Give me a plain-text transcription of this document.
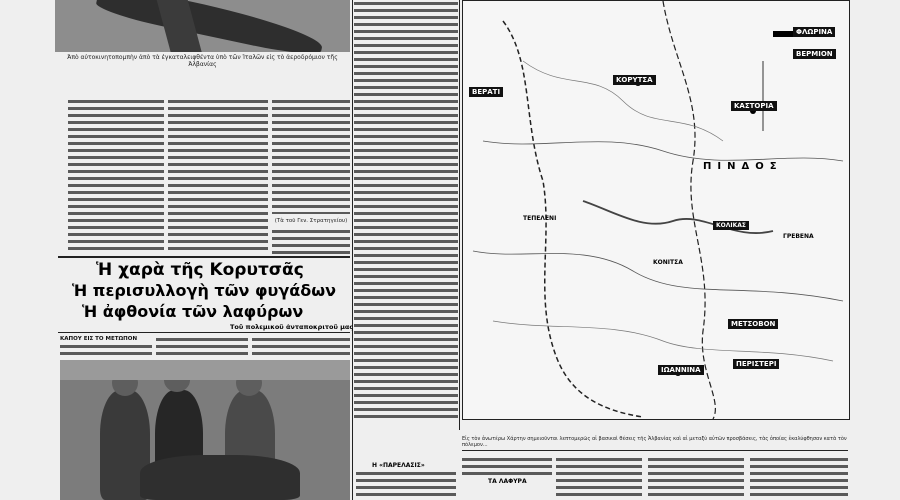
Ἀπὸ αὐτοκινητοπομπὴν ἀπὸ τὰ ἐγκαταλειφθέντα ὑπὸ τῶν Ἰταλῶν εἰς τὸ ἀεροδρόμιον τῆς Ἀλβανίας
(Τὰ τοῦ Γεν. Στρατηγείου)
Ἡ χαρὰ τῆς Κορυτσᾶς
Ἡ περισυλλογὴ τῶν φυγάδων
Ἡ ἀφθονία τῶν λαφύρων
Τοῦ πολεμικοῦ ἀνταποκριτοῦ μας
ΚΑΠΟΥ ΕΙΣ ΤΟ ΜΕΤΩΠΟΝ
ΚΟΡΥΤΣΑ
ΚΑΣΤΟΡΙΑ
ΦΛΩΡΙΝΑ
ΒΕΡΜΙΟΝ
ΙΩΑΝΝΙΝΑ
ΜΕΤΣΟΒΟΝ
ΠΕΡΙΣΤΕΡΙ
ΒΕΡΑΤΙ
ΓΡΕΒΕΝΑ
ΠΙΝΔΟΣ
ΚΟΝΙΤΣΑ
ΤΕΠΕΛΕΝΙ
ΚΟΛΙΚΑΣ
Εἰς τὸν ἀνωτέρω Χάρτην σημειοῦνται λεπτομερῶς αἱ βασικαὶ θέσεις τῆς Ἀλβανίας καὶ αἱ μεταξὺ αὐτῶν προσβάσεις, τὰς ὁποίας ἐκαλύφθησαν κατὰ τὸν πόλεμον...
Η «ΠΑΡΕΛΑΣΙΣ»
ΤΑ ΛΑΦΥΡΑ
